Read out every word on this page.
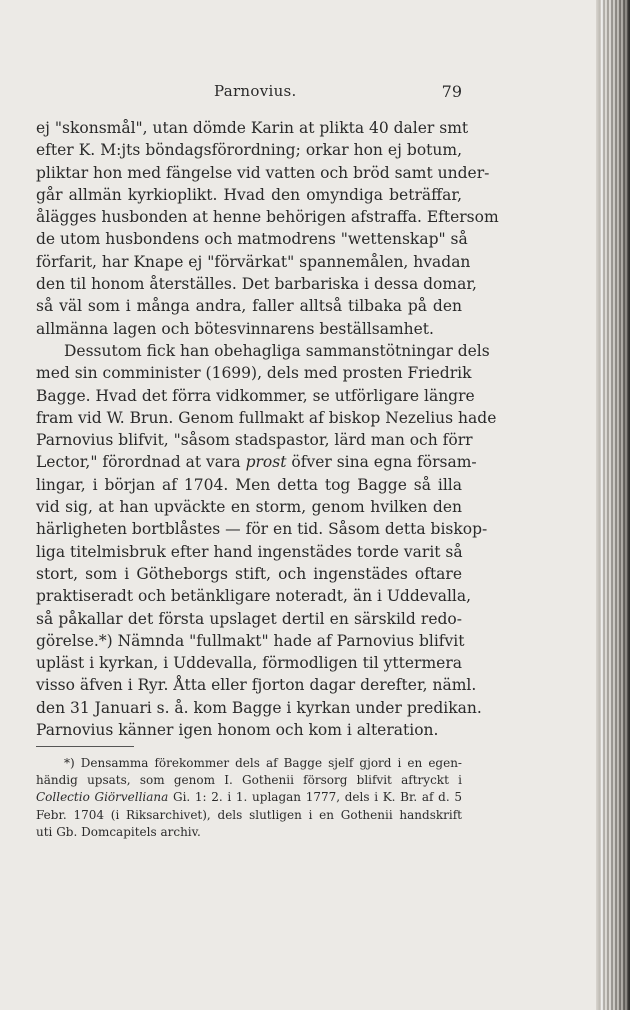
Parnovius.	79
ej "skonsmål", utan dömde Karin at plikta 40 daler smt
efter K. M:jts böndagsförordning; orkar hon ej botum,
pliktar hon med fängelse vid vatten och bröd samt under-
går allmän kyrkioplikt. Hvad den omyndiga beträffar,
ålägges husbonden at henne behörigen afstraffa. Eftersom
de utom husbondens och matmodrens "wettenskap" så
förfarit, har Knape ej "förvärkat" spannemålen, hvadan
den til honom återställes. Det barbariska i dessa domar,
så väl som i många andra, faller alltså tilbaka på den
allmänna lagen och bötesvinnarens beställsamhet.
Dessutom fick han obehagliga sammanstötningar dels
med sin comminister (1699), dels med prosten Friedrik
Bagge. Hvad det förra vidkommer, se utförligare längre
fram vid W. Brun. Genom fullmakt af biskop Nezelius hade
Parnovius blifvit, "såsom stadspastor, lärd man och förr
Lector," förordnad at vara prost öfver sina egna försam-
lingar, i början af 1704. Men detta tog Bagge så illa
vid sig, at han upväckte en storm, genom hvilken den
härligheten bortblåstes — för en tid. Såsom detta biskop-
liga titelmisbruk efter hand ingenstädes torde varit så
stort, som i Götheborgs stift, och ingenstädes oftare
praktiseradt och betänkligare noteradt, än i Uddevalla,
så påkallar det första upslaget dertil en särskild redo-
görelse.*) Nämnda "fullmakt" hade af Parnovius blifvit
upläst i kyrkan, i Uddevalla, förmodligen til yttermera
visso äfven i Ryr. Åtta eller fjorton dagar derefter, näml.
den 31 Januari s. å. kom Bagge i kyrkan under predikan.
Parnovius känner igen honom och kom i alteration.
*) Densamma förekommer dels af Bagge sjelf gjord i en egen-
händig upsats, som genom I. Gothenii försorg blifvit aftryckt i
Collectio Giörvelliana Gi. 1: 2. i 1. uplagan 1777, dels i K. Br. af d. 5
Febr. 1704 (i Riksarchivet), dels slutligen i en Gothenii handskrift
uti Gb. Domcapitels archiv.
